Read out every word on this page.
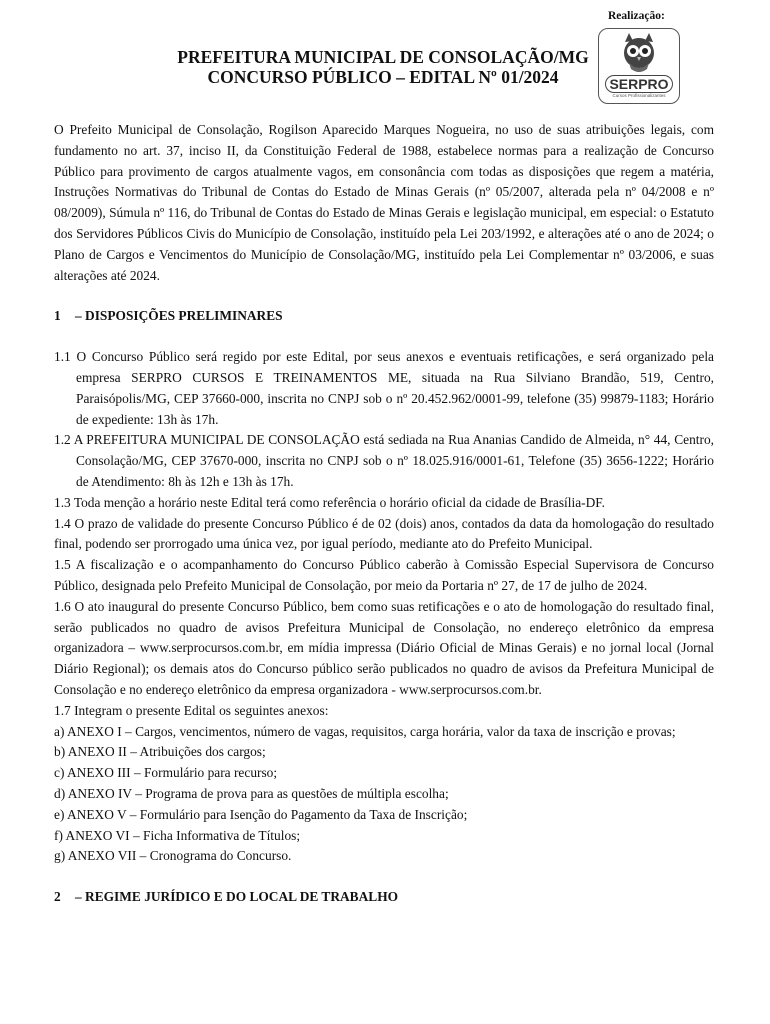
Realização:
SERPRO
Cursos Profissionalizantes
PREFEITURA MUNICIPAL DE CONSOLAÇÃO/MG
CONCURSO PÚBLICO – EDITAL Nº 01/2024

O Prefeito Municipal de Consolação, Rogilson Aparecido Marques Nogueira, no uso de suas atribuições legais, com fundamento no art. 37, inciso II, da Constituição Federal de 1988, estabelece normas para a realização de Concurso Público para provimento de cargos atualmente vagos, em consonância com todas as disposições que regem a matéria, Instruções Normativas do Tribunal de Contas do Estado de Minas Gerais (nº 05/2007, alterada pela nº 04/2008 e nº 08/2009), Súmula nº 116, do Tribunal de Contas do Estado de Minas Gerais e legislação municipal, em especial: o Estatuto dos Servidores Públicos Civis do Município de Consolação, instituído pela Lei 203/1992, e alterações até o ano de 2024; o Plano de Cargos e Vencimentos do Município de Consolação/MG, instituído pela Lei Complementar nº 03/2006, e suas alterações até 2024.

1	– DISPOSIÇÕES PRELIMINARES

1.1 O Concurso Público será regido por este Edital, por seus anexos e eventuais retificações, e será organizado pela empresa SERPRO CURSOS E TREINAMENTOS ME, situada na Rua Silviano Brandão, 519, Centro, Paraisópolis/MG, CEP 37660-000, inscrita no CNPJ sob o nº 20.452.962/0001-99, telefone (35) 99879-1183; Horário de expediente: 13h às 17h.

1.2 A PREFEITURA MUNICIPAL DE CONSOLAÇÃO está sediada na Rua Ananias Candido de Almeida, n° 44, Centro, Consolação/MG, CEP 37670-000, inscrita no CNPJ sob o nº 18.025.916/0001-61, Telefone (35) 3656-1222; Horário de Atendimento: 8h às 12h e 13h às 17h.

1.3 Toda menção a horário neste Edital terá como referência o horário oficial da cidade de Brasília-DF.

1.4 O prazo de validade do presente Concurso Público é de 02 (dois) anos, contados da data da homologação do resultado final, podendo ser prorrogado uma única vez, por igual período, mediante ato do Prefeito Municipal.

1.5 A fiscalização e o acompanhamento do Concurso Público caberão à Comissão Especial Supervisora de Concurso Público, designada pelo Prefeito Municipal de Consolação, por meio da Portaria nº 27, de 17 de julho de 2024.

1.6 O ato inaugural do presente Concurso Público, bem como suas retificações e o ato de homologação do resultado final, serão publicados no quadro de avisos Prefeitura Municipal de Consolação, no endereço eletrônico da empresa organizadora – www.serprocursos.com.br, em mídia impressa (Diário Oficial de Minas Gerais) e no jornal local (Jornal Diário Regional); os demais atos do Concurso público serão publicados no quadro de avisos da Prefeitura Municipal de Consolação e no endereço eletrônico da empresa organizadora - www.serprocursos.com.br.

1.7 Integram o presente Edital os seguintes anexos:

a) ANEXO I – Cargos, vencimentos, número de vagas, requisitos, carga horária, valor da taxa de inscrição e provas;

b) ANEXO II – Atribuições dos cargos;

c) ANEXO III – Formulário para recurso;

d) ANEXO IV – Programa de prova para as questões de múltipla escolha;

e) ANEXO V – Formulário para Isenção do Pagamento da Taxa de Inscrição;

f) ANEXO VI – Ficha Informativa de Títulos;

g) ANEXO VII – Cronograma do Concurso.

2	– REGIME JURÍDICO E DO LOCAL DE TRABALHO
